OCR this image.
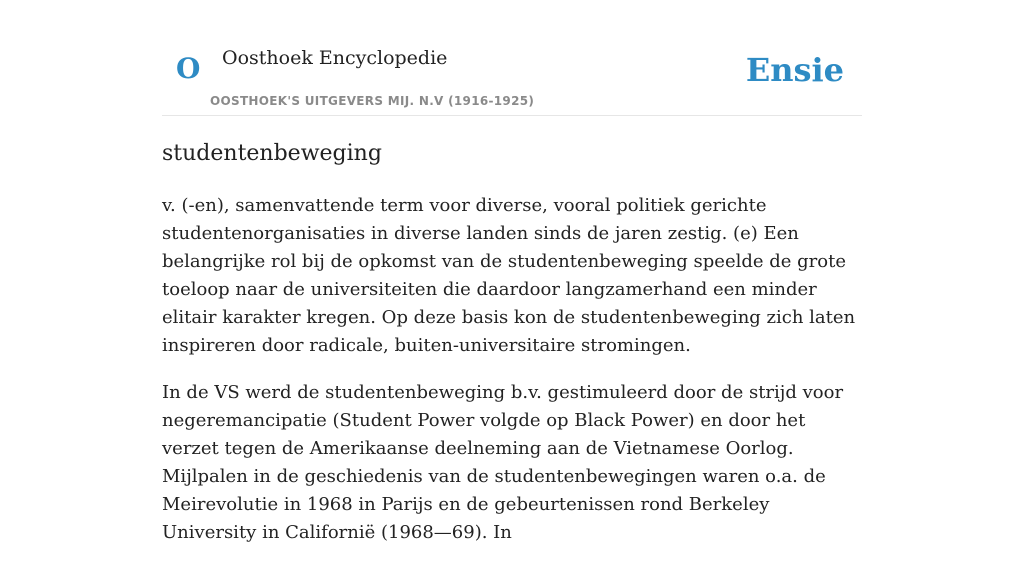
O Oosthoek Encyclopedie
OOSTHOEK'S UITGEVERS MIJ. N.V (1916-1925)
Ensie
studentenbeweging

v. (-en), samenvattende term voor diverse, vooral politiek gerichte studentenorganisaties in diverse landen sinds de jaren zestig. (e) Een belangrijke rol bij de opkomst van de studentenbeweging speelde de grote toeloop naar de universiteiten die daardoor langzamerhand een minder elitair karakter kregen. Op deze basis kon de studentenbeweging zich laten inspireren door radicale, buiten-universitaire stromingen.

In de VS werd de studentenbeweging b.v. gestimuleerd door de strijd voor negeremancipatie (Student Power volgde op Black Power) en door het verzet tegen de Amerikaanse deelneming aan de Vietnamese Oorlog. Mijlpalen in de geschiedenis van de studentenbewegingen waren o.a. de Meirevolutie in 1968 in Parijs en de gebeurtenissen rond Berkeley University in Californië (1968—69). In
